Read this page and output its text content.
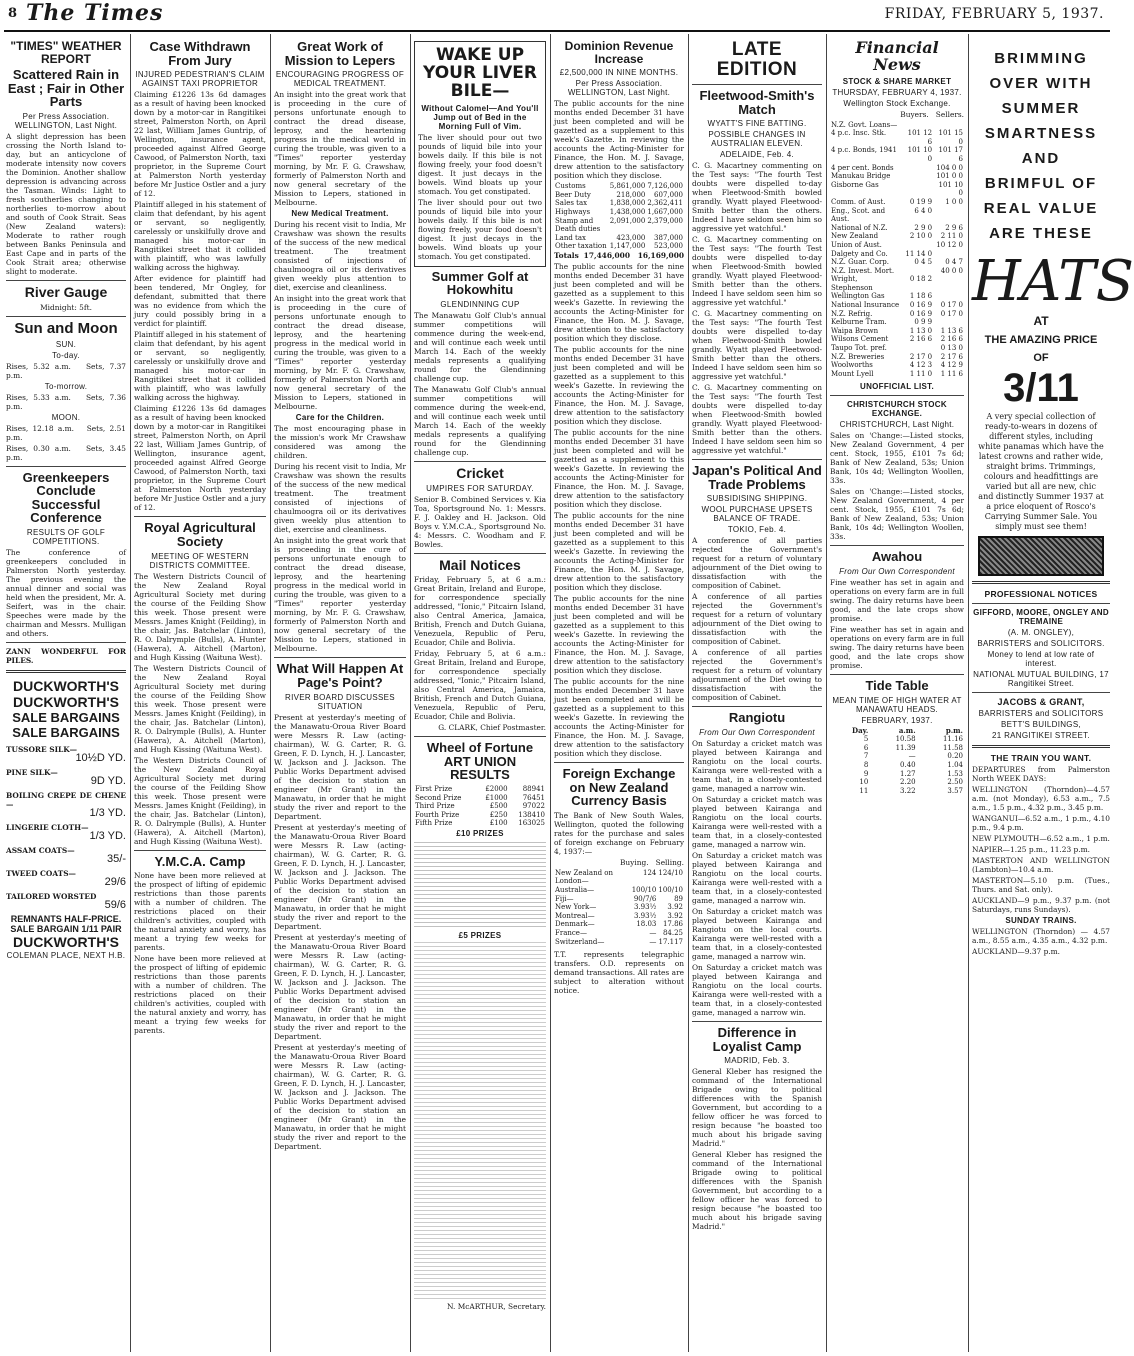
8 The Times	FRIDAY, FEBRUARY 5, 1937.
"TIMES" WEATHER REPORT
Scattered Rain in East ; Fair in Other Parts
Per Press Association. WELLINGTON, Last Night.

A slight depression has been crossing the North Island to-day, but an anticyclone of moderate intensity now covers the Dominion. Another shallow depression is advancing across the Tasman. Winds: Light to fresh southerlies changing to northerlies to-morrow about and south of Cook Strait. Seas (New Zealand waters): Moderate to rather rough between Banks Peninsula and East Cape and in parts of the Cook Strait area; otherwise slight to moderate.

River Gauge

Midnight: 5ft.

Sun and Moon
SUN.
To-day.
Rises, 5.32 a.m. Sets, 7.37 p.m.
To-morrow.
Rises, 5.33 a.m. Sets, 7.36 p.m.
MOON.
Rises, 12.18 a.m. Sets, 2.51 p.m.
Rises, 0.30 a.m. Sets, 3.45 p.m.
Greenkeepers Conclude Successful Conference
RESULTS OF GOLF COMPETITIONS.

The conference of greenkeepers concluded in Palmerston North yesterday. The previous evening the annual dinner and social was held when the president, Mr. A. Seifert, was in the chair. Speeches were made by the chairman and Messrs. Mulligan and others.

ZANN WONDERFUL FOR PILES.

DUCKWORTH'S
DUCKWORTH'S
SALE BARGAINS
SALE BARGAINS
TUSSORE SILK—
10½D YD.
PINE SILK—
9D YD.
BOILING CREPE DE CHENE—
1/3 YD.
LINGERIE CLOTH—
1/3 YD.
ASSAM COATS—
35/-
TWEED COATS—
29/6
TAILORED WORSTED
59/6
REMNANTS HALF-PRICE.
SALE BARGAIN 1/11 PAIR
DUCKWORTH'S
COLEMAN PLACE, NEXT H.B.
Case Withdrawn From Jury
INJURED PEDESTRIAN'S CLAIM AGAINST TAXI PROPRIETOR

Claiming £1226 13s 6d damages as a result of having been knocked down by a motor-car in Rangitikei street, Palmerston North, on April 22 last, William James Guntrip, of Wellington, insurance agent, proceeded against Alfred George Cawood, of Palmerston North, taxi proprietor, in the Supreme Court at Palmerston North yesterday before Mr Justice Ostler and a jury of 12.

Plaintiff alleged in his statement of claim that defendant, by his agent or servant, so negligently, carelessly or unskilfully drove and managed his motor-car in Rangitikei street that it collided with plaintiff, who was lawfully walking across the highway.

After evidence for plaintiff had been tendered, Mr Ongley, for defendant, submitted that there was no evidence from which the jury could possibly bring in a verdict for plaintiff.

Plaintiff alleged in his statement of claim that defendant, by his agent or servant, so negligently, carelessly or unskilfully drove and managed his motor-car in Rangitikei street that it collided with plaintiff, who was lawfully walking across the highway.

Claiming £1226 13s 6d damages as a result of having been knocked down by a motor-car in Rangitikei street, Palmerston North, on April 22 last, William James Guntrip, of Wellington, insurance agent, proceeded against Alfred George Cawood, of Palmerston North, taxi proprietor, in the Supreme Court at Palmerston North yesterday before Mr Justice Ostler and a jury of 12.

Royal Agricultural Society
MEETING OF WESTERN DISTRICTS COMMITTEE.

The Western Districts Council of the New Zealand Royal Agricultural Society met during the course of the Feilding Show this week. Those present were Messrs. James Knight (Feilding), in the chair, Jas. Batchelar (Linton), R. O. Dalrymple (Bulls), A. Hunter (Hawera), A. Aitchell (Marton), and Hugh Kissing (Waituna West).

The Western Districts Council of the New Zealand Royal Agricultural Society met during the course of the Feilding Show this week. Those present were Messrs. James Knight (Feilding), in the chair, Jas. Batchelar (Linton), R. O. Dalrymple (Bulls), A. Hunter (Hawera), A. Aitchell (Marton), and Hugh Kissing (Waituna West).

The Western Districts Council of the New Zealand Royal Agricultural Society met during the course of the Feilding Show this week. Those present were Messrs. James Knight (Feilding), in the chair, Jas. Batchelar (Linton), R. O. Dalrymple (Bulls), A. Hunter (Hawera), A. Aitchell (Marton), and Hugh Kissing (Waituna West).

Y.M.C.A. Camp

None have been more relieved at the prospect of lifting of epidemic restrictions than those parents with a number of children. The restrictions placed on their children's activities, coupled with the natural anxiety and worry, has meant a trying few weeks for parents.

None have been more relieved at the prospect of lifting of epidemic restrictions than those parents with a number of children. The restrictions placed on their children's activities, coupled with the natural anxiety and worry, has meant a trying few weeks for parents.

Great Work of Mission to Lepers
ENCOURAGING PROGRESS OF MEDICAL TREATMENT.

An insight into the great work that is proceeding in the cure of persons unfortunate enough to contract the dread disease, leprosy, and the heartening progress in the medical world in curing the trouble, was given to a "Times" reporter yesterday morning, by Mr. F. G. Crawshaw, formerly of Palmerston North and now general secretary of the Mission to Lepers, stationed in Melbourne.

New Medical Treatment.

During his recent visit to India, Mr Crawshaw was shown the results of the success of the new medical treatment. The treatment consisted of injections of chaulmoogra oil or its derivatives given weekly plus attention to diet, exercise and cleanliness.

An insight into the great work that is proceeding in the cure of persons unfortunate enough to contract the dread disease, leprosy, and the heartening progress in the medical world in curing the trouble, was given to a "Times" reporter yesterday morning, by Mr. F. G. Crawshaw, formerly of Palmerston North and now general secretary of the Mission to Lepers, stationed in Melbourne.

Care for the Children.

The most encouraging phase in the mission's work Mr Crawshaw considered was among the children.

During his recent visit to India, Mr Crawshaw was shown the results of the success of the new medical treatment. The treatment consisted of injections of chaulmoogra oil or its derivatives given weekly plus attention to diet, exercise and cleanliness.

An insight into the great work that is proceeding in the cure of persons unfortunate enough to contract the dread disease, leprosy, and the heartening progress in the medical world in curing the trouble, was given to a "Times" reporter yesterday morning, by Mr. F. G. Crawshaw, formerly of Palmerston North and now general secretary of the Mission to Lepers, stationed in Melbourne.

What Will Happen At Page's Point?
RIVER BOARD DISCUSSES SITUATION

Present at yesterday's meeting of the Manawatu-Oroua River Board were Messrs R. Law (acting-chairman), W. G. Carter, R. G. Green, F. D. Lynch, H. J. Lancaster, W. Jackson and J. Jackson. The Public Works Department advised of the decision to station an engineer (Mr Grant) in the Manawatu, in order that he might study the river and report to the Department.

Present at yesterday's meeting of the Manawatu-Oroua River Board were Messrs R. Law (acting-chairman), W. G. Carter, R. G. Green, F. D. Lynch, H. J. Lancaster, W. Jackson and J. Jackson. The Public Works Department advised of the decision to station an engineer (Mr Grant) in the Manawatu, in order that he might study the river and report to the Department.

Present at yesterday's meeting of the Manawatu-Oroua River Board were Messrs R. Law (acting-chairman), W. G. Carter, R. G. Green, F. D. Lynch, H. J. Lancaster, W. Jackson and J. Jackson. The Public Works Department advised of the decision to station an engineer (Mr Grant) in the Manawatu, in order that he might study the river and report to the Department.

Present at yesterday's meeting of the Manawatu-Oroua River Board were Messrs R. Law (acting-chairman), W. G. Carter, R. G. Green, F. D. Lynch, H. J. Lancaster, W. Jackson and J. Jackson. The Public Works Department advised of the decision to station an engineer (Mr Grant) in the Manawatu, in order that he might study the river and report to the Department.

WAKE UP YOUR LIVER BILE—
Without Calomel—And You'll Jump out of Bed in the Morning Full of Vim.

The liver should pour out two pounds of liquid bile into your bowels daily. If this bile is not flowing freely, your food doesn't digest. It just decays in the bowels. Wind bloats up your stomach. You get constipated.

The liver should pour out two pounds of liquid bile into your bowels daily. If this bile is not flowing freely, your food doesn't digest. It just decays in the bowels. Wind bloats up your stomach. You get constipated.

Summer Golf at Hokowhitu
GLENDINNING CUP

The Manawatu Golf Club's annual summer competitions will commence during the week-end, and will continue each week until March 14. Each of the weekly medals represents a qualifying round for the Glendinning challenge cup.

The Manawatu Golf Club's annual summer competitions will commence during the week-end, and will continue each week until March 14. Each of the weekly medals represents a qualifying round for the Glendinning challenge cup.

Cricket
UMPIRES FOR SATURDAY.

Senior B. Combined Services v. Kia Toa, Sportsground No. 1: Messrs. F. J. Oakley and H. Jackson. Old Boys v. Y.M.C.A., Sportsground No. 4: Messrs. C. Woodham and F. Bowles.

Mail Notices

Friday, February 5, at 6 a.m.: Great Britain, Ireland and Europe, for correspondence specially addressed, "Ionic," Pitcairn Island, also Central America, Jamaica, British, French and Dutch Guiana, Venezuela, Republic of Peru, Ecuador, Chile and Bolivia.

Friday, February 5, at 6 a.m.: Great Britain, Ireland and Europe, for correspondence specially addressed, "Ionic," Pitcairn Island, also Central America, Jamaica, British, French and Dutch Guiana, Venezuela, Republic of Peru, Ecuador, Chile and Bolivia.

G. CLARK, Chief Postmaster.

Wheel of Fortune ART UNION RESULTS
First Prize	£2000	88941
Second Prize	£1000	76451
Third Prize	£500	97022
Fourth Prize	£250	138410
Fifth Prize	£100	163025
£10 PRIZES
£5 PRIZES

N. McARTHUR, Secretary.

Dominion Revenue Increase
£2,500,000 IN NINE MONTHS.
Per Press Association. WELLINGTON, Last Night.

The public accounts for the nine months ended December 31 have just been completed and will be gazetted as a supplement to this week's Gazette. In reviewing the accounts the Acting-Minister for Finance, the Hon. M. J. Savage, drew attention to the satisfactory position which they disclose.

Customs	5,861,000	7,126,000
Beer Duty	218,000	607,000
Sales tax	1,838,000	2,362,411
Highways	1,438,000	1,667,000
Stamp and Death duties	2,091,000	2,379,000
Land tax	423,000	387,000
Other taxation	1,147,000	523,000
Totals 17,446,000 16,169,000

The public accounts for the nine months ended December 31 have just been completed and will be gazetted as a supplement to this week's Gazette. In reviewing the accounts the Acting-Minister for Finance, the Hon. M. J. Savage, drew attention to the satisfactory position which they disclose.

The public accounts for the nine months ended December 31 have just been completed and will be gazetted as a supplement to this week's Gazette. In reviewing the accounts the Acting-Minister for Finance, the Hon. M. J. Savage, drew attention to the satisfactory position which they disclose.

The public accounts for the nine months ended December 31 have just been completed and will be gazetted as a supplement to this week's Gazette. In reviewing the accounts the Acting-Minister for Finance, the Hon. M. J. Savage, drew attention to the satisfactory position which they disclose.

The public accounts for the nine months ended December 31 have just been completed and will be gazetted as a supplement to this week's Gazette. In reviewing the accounts the Acting-Minister for Finance, the Hon. M. J. Savage, drew attention to the satisfactory position which they disclose.

The public accounts for the nine months ended December 31 have just been completed and will be gazetted as a supplement to this week's Gazette. In reviewing the accounts the Acting-Minister for Finance, the Hon. M. J. Savage, drew attention to the satisfactory position which they disclose.

The public accounts for the nine months ended December 31 have just been completed and will be gazetted as a supplement to this week's Gazette. In reviewing the accounts the Acting-Minister for Finance, the Hon. M. J. Savage, drew attention to the satisfactory position which they disclose.

Foreign Exchange on New Zealand Currency Basis

The Bank of New South Wales, Wellington, quoted the following rates for the purchase and sales of foreign exchange on February 4, 1937:—

Buying. Selling.
New Zealand on London—	124	124/10
Australia—	100/10	100/10
Fiji—	90/7/6	89
New York—	3.93½	3.92
Montreal—	3.93½	3.92
Denmark—	18.03	17.86
France—	—	84.25
Switzerland—	—	17.117

T.T. represents telegraphic transfers. O.D. represents on demand transactions. All rates are subject to alteration without notice.

LATE EDITION
Fleetwood-Smith's Match
WYATT'S FINE BATTING.
POSSIBLE CHANGES IN AUSTRALIAN ELEVEN.
ADELAIDE, Feb. 4.

C. G. Macartney commenting on the Test says: "The fourth Test doubts were dispelled to-day when Fleetwood-Smith bowled grandly. Wyatt played Fleetwood-Smith better than the others. Indeed I have seldom seen him so aggressive yet watchful."

C. G. Macartney commenting on the Test says: "The fourth Test doubts were dispelled to-day when Fleetwood-Smith bowled grandly. Wyatt played Fleetwood-Smith better than the others. Indeed I have seldom seen him so aggressive yet watchful."

C. G. Macartney commenting on the Test says: "The fourth Test doubts were dispelled to-day when Fleetwood-Smith bowled grandly. Wyatt played Fleetwood-Smith better than the others. Indeed I have seldom seen him so aggressive yet watchful."

C. G. Macartney commenting on the Test says: "The fourth Test doubts were dispelled to-day when Fleetwood-Smith bowled grandly. Wyatt played Fleetwood-Smith better than the others. Indeed I have seldom seen him so aggressive yet watchful."

Japan's Political And Trade Problems
SUBSIDISING SHIPPING.
WOOL PURCHASE UPSETS BALANCE OF TRADE.
TOKIO, Feb. 4.

A conference of all parties rejected the Government's request for a return of voluntary adjournment of the Diet owing to dissatisfaction with the composition of Cabinet.

A conference of all parties rejected the Government's request for a return of voluntary adjournment of the Diet owing to dissatisfaction with the composition of Cabinet.

A conference of all parties rejected the Government's request for a return of voluntary adjournment of the Diet owing to dissatisfaction with the composition of Cabinet.

Rangiotu
From Our Own Correspondent

On Saturday a cricket match was played between Kairanga and Rangiotu on the local courts. Kairanga were well-rested with a team that, in a closely-contested game, managed a narrow win.

On Saturday a cricket match was played between Kairanga and Rangiotu on the local courts. Kairanga were well-rested with a team that, in a closely-contested game, managed a narrow win.

On Saturday a cricket match was played between Kairanga and Rangiotu on the local courts. Kairanga were well-rested with a team that, in a closely-contested game, managed a narrow win.

On Saturday a cricket match was played between Kairanga and Rangiotu on the local courts. Kairanga were well-rested with a team that, in a closely-contested game, managed a narrow win.

On Saturday a cricket match was played between Kairanga and Rangiotu on the local courts. Kairanga were well-rested with a team that, in a closely-contested game, managed a narrow win.

Difference in Loyalist Camp
MADRID, Feb. 3.

General Kleber has resigned the command of the International Brigade owing to political differences with the Spanish Government, but according to a fellow officer he was forced to resign because "he boasted too much about his brigade saving Madrid."

General Kleber has resigned the command of the International Brigade owing to political differences with the Spanish Government, but according to a fellow officer he was forced to resign because "he boasted too much about his brigade saving Madrid."

Financial News
STOCK & SHARE MARKET
THURSDAY, FEBRUARY 4, 1937.
Wellington Stock Exchange.
Buyers. Sellers.
N.Z. Govt. Loans—		
4 p.c. Insc. Stk.	101 12 6	101 15 0
4 p.c. Bonds, 1941	101 10 0	101 17 6
4 per cent. Bonds		104 0 0
Manukau Bridge		101 0 0
Gisborne Gas		101 10 0
Comm. of Aust.	0 19 9	1 0 0
Eng., Scot. and Aust.	6 4 0	
National of N.Z.	2 9 0	2 9 6
New Zealand	2 10 0	2 11 0
Union of Aust.		10 12 0
Dalgety and Co.	11 14 0	
N.Z. Guar. Corp.	0 4 5	0 4 7
N.Z. Invest. Mort.		40 0 0
Wright, Stephenson	0 18 2	
Wellington Gas	1 18 6	
National Insurance	0 16 9	0 17 0
N.Z. Refrig.	0 16 9	0 17 0
Kelburne Tram.	0 9 9	
Waipa Brown	1 13 0	1 13 6
Wilsons Cement	2 16 6	2 16 6
Taupo Tot. pref.		0 13 0
N.Z. Breweries	2 17 0	2 17 6
Woolworths	4 12 3	4 12 9
Mount Lyell	1 11 0	1 11 6
UNOFFICIAL LIST.
CHRISTCHURCH STOCK EXCHANGE.
CHRISTCHURCH, Last Night.

Sales on 'Change:—Listed stocks, New Zealand Government, 4 per cent. Stock, 1955, £101 7s 6d; Bank of New Zealand, 53s; Union Bank, 10s 4d; Wellington Woollen, 33s.

Sales on 'Change:—Listed stocks, New Zealand Government, 4 per cent. Stock, 1955, £101 7s 6d; Bank of New Zealand, 53s; Union Bank, 10s 4d; Wellington Woollen, 33s.

Awahou
From Our Own Correspondent

Fine weather has set in again and operations on every farm are in full swing. The dairy returns have been good, and the late crops show promise.

Fine weather has set in again and operations on every farm are in full swing. The dairy returns have been good, and the late crops show promise.

Tide Table
MEAN TIME OF HIGH WATER AT MANAWATU HEADS.
FEBRUARY, 1937.
Day.	a.m.	p.m.
5	10.58	11.16
6	11.39	11.58
7	—	0.20
8	0.40	1.04
9	1.27	1.53
10	2.20	2.50
11	3.22	3.57
BRIMMING
OVER WITH
SUMMER
SMARTNESS
AND
BRIMFUL OF
REAL VALUE
ARE THESE
HATS
AT
THE AMAZING PRICE
OF
3/11

A very special collection of ready-to-wears in dozens of different styles, including white panamas which have the latest crowns and rather wide, straight brims. Trimmings, colours and headfittings are varied but all are new, chic and distinctly Summer 1937 at a price eloquent of Rosco's Carrying Summer Sale. You simply must see them!

PROFESSIONAL NOTICES
GIFFORD, MOORE, ONGLEY AND TREMAINE
(A. M. ONGLEY),
BARRISTERS and SOLICITORS.
Money to lend at low rate of interest.
NATIONAL MUTUAL BUILDING, 17 Rangitikei Street.
JACOBS & GRANT,
BARRISTERS and SOLICITORS
BETT'S BUILDINGS,
21 RANGITIKEI STREET.
THE TRAIN YOU WANT.

DEPARTURES from Palmerston North WEEK DAYS:

WELLINGTON (Thorndon)—4.57 a.m. (not Monday), 6.53 a.m., 7.5 a.m., 1.5 p.m., 4.32 p.m., 3.45 p.m.

WANGANUI—6.52 a.m., 1 p.m., 4.10 p.m., 9.4 p.m.

NEW PLYMOUTH—6.52 a.m., 1 p.m.

NAPIER—1.25 p.m., 11.23 p.m.

MASTERTON AND WELLINGTON (Lambton)—10.4 a.m.

MASTERTON—5.10 p.m. (Tues., Thurs. and Sat. only).

AUCKLAND—9 p.m., 9.37 p.m. (not Saturdays, runs Sundays).

SUNDAY TRAINS.

WELLINGTON (Thorndon) — 4.57 a.m., 8.55 a.m., 4.35 a.m., 4.32 p.m.

AUCKLAND—9.37 p.m.
